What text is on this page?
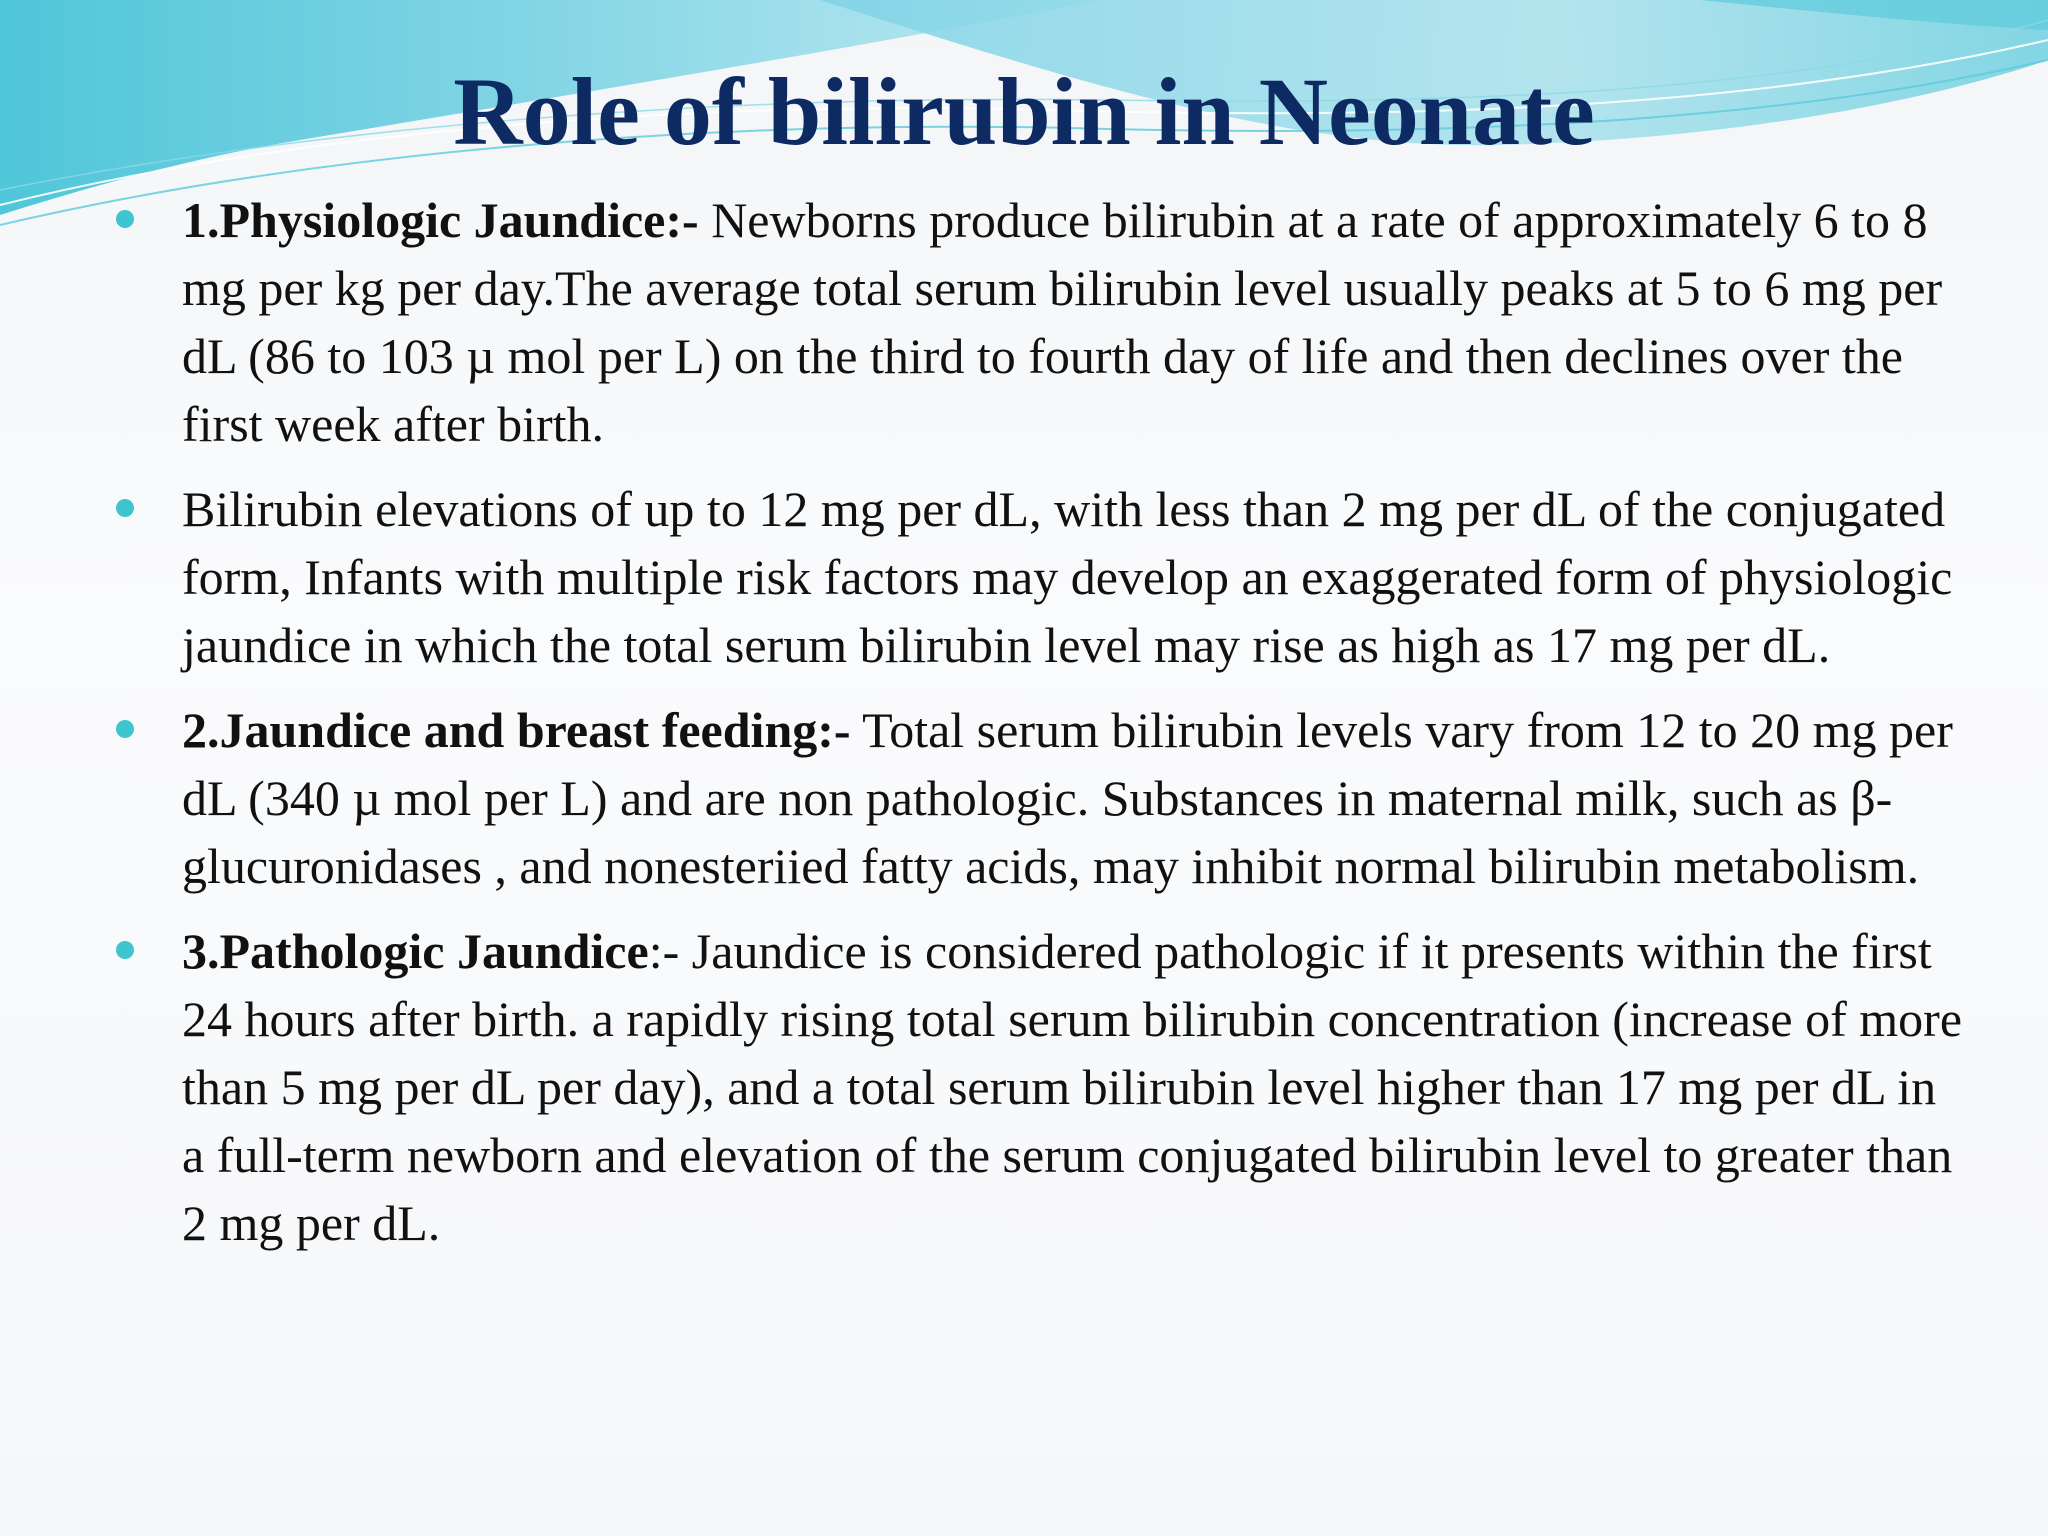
Role of bilirubin in Neonate
1.Physiologic Jaundice:- Newborns produce bilirubin at a rate of approximately 6 to 8 mg per kg per day.The average total serum bilirubin level usually peaks at 5 to 6 mg per dL (86 to 103 µ mol per L) on the third to fourth day of life and then declines over the first week after birth.
Bilirubin elevations of up to 12 mg per dL, with less than 2 mg per dL of the conjugated form, Infants with multiple risk factors may develop an exaggerated form of physiologic jaundice in which the total serum bilirubin level may rise as high as 17 mg per dL.
2.Jaundice and breast feeding:- Total serum bilirubin levels vary from 12 to 20 mg per dL (340 µ mol per L) and are non pathologic. Substances in maternal milk, such as β-glucuronidases , and nonesteriied fatty acids, may inhibit normal bilirubin metabolism.
3.Pathologic Jaundice:- Jaundice is considered pathologic if it presents within the first 24 hours after birth. a rapidly rising total serum bilirubin concentration (increase of more than 5 mg per dL per day), and a total serum bilirubin level higher than 17 mg per dL in a full-term newborn and elevation of the serum conjugated bilirubin level to greater than 2 mg per dL.
